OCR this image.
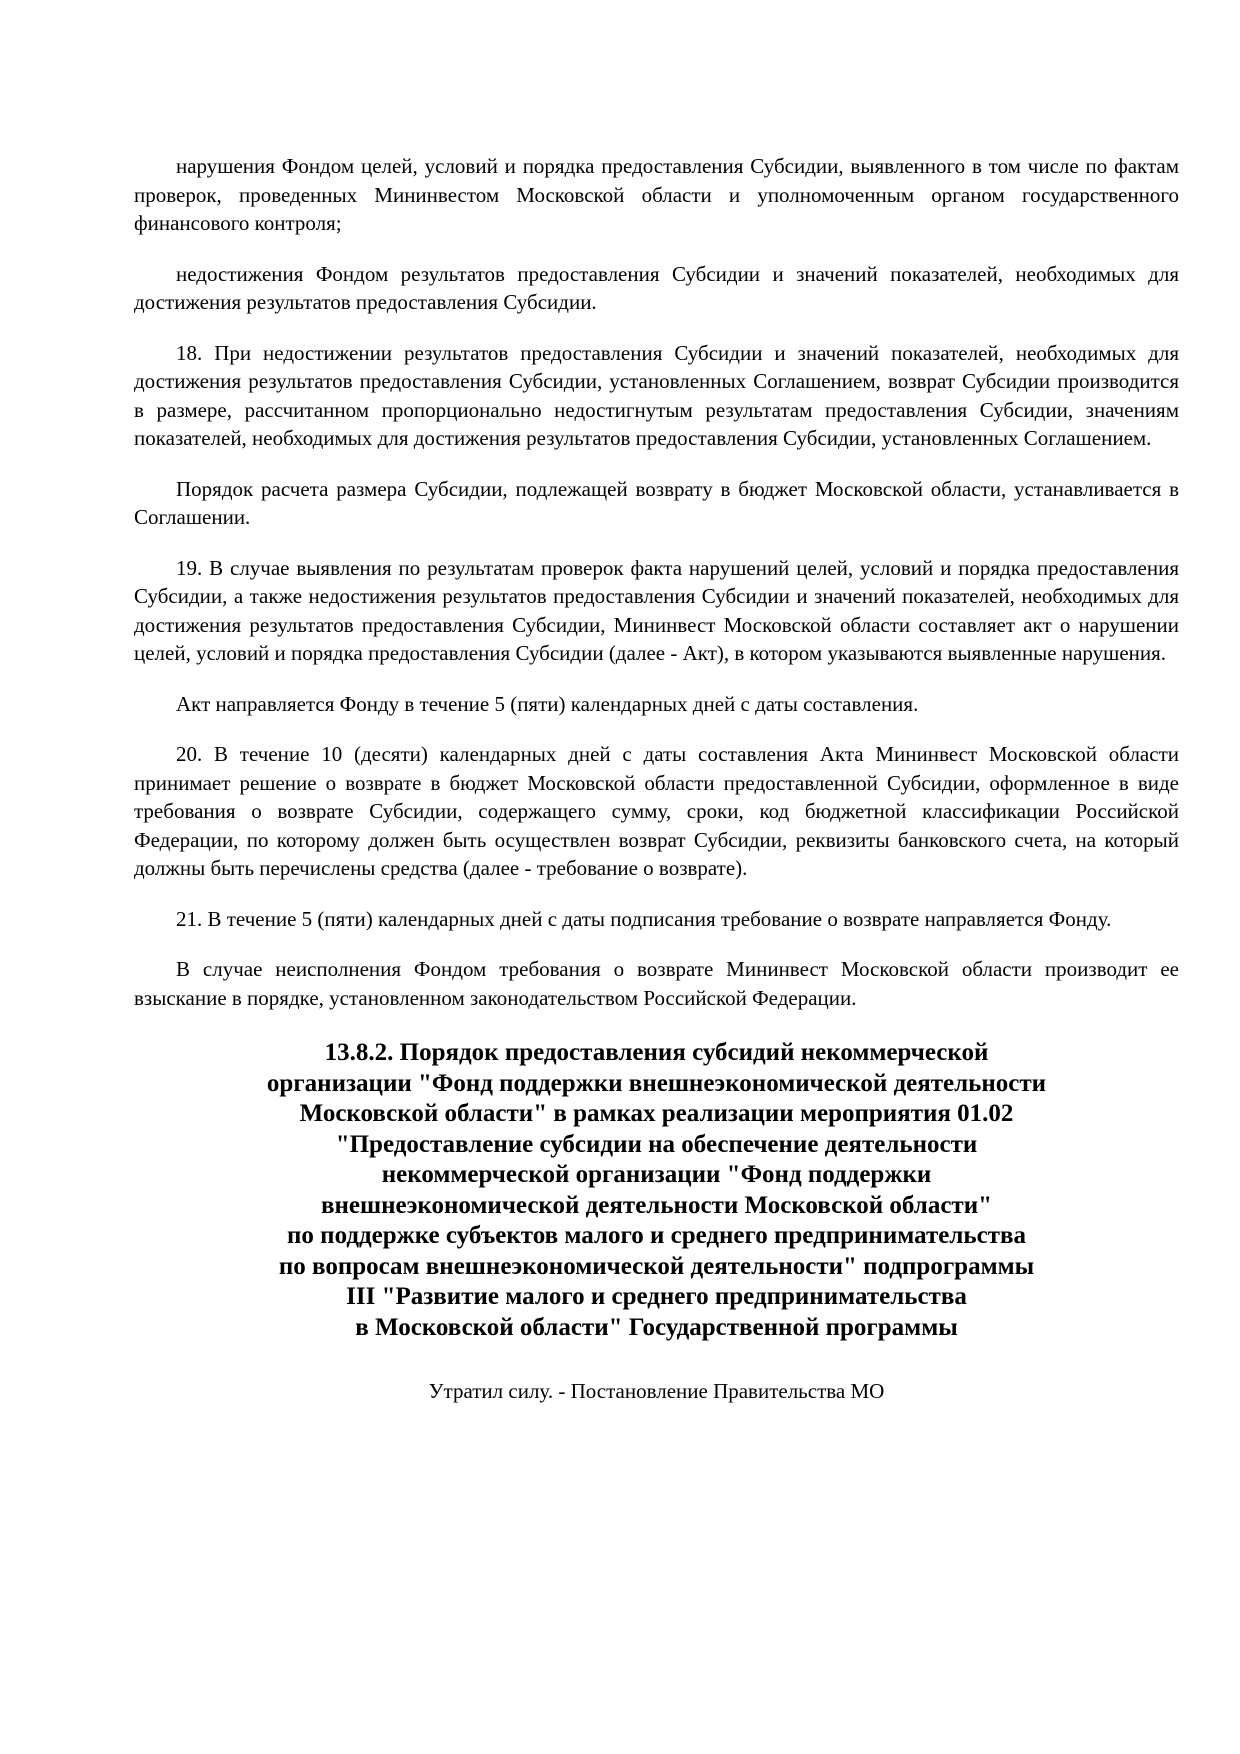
нарушения Фондом целей, условий и порядка предоставления Субсидии, выявленного в том числе по фактам проверок, проведенных Мининвестом Московской области и уполномоченным органом государственного финансового контроля;

недостижения Фондом результатов предоставления Субсидии и значений показателей, необходимых для достижения результатов предоставления Субсидии.

18. При недостижении результатов предоставления Субсидии и значений показателей, необходимых для достижения результатов предоставления Субсидии, установленных Соглашением, возврат Субсидии производится в размере, рассчитанном пропорционально недостигнутым результатам предоставления Субсидии, значениям показателей, необходимых для достижения результатов предоставления Субсидии, установленных Соглашением.

Порядок расчета размера Субсидии, подлежащей возврату в бюджет Московской области, устанавливается в Соглашении.

19. В случае выявления по результатам проверок факта нарушений целей, условий и порядка предоставления Субсидии, а также недостижения результатов предоставления Субсидии и значений показателей, необходимых для достижения результатов предоставления Субсидии, Мининвест Московской области составляет акт о нарушении целей, условий и порядка предоставления Субсидии (далее - Акт), в котором указываются выявленные нарушения.

Акт направляется Фонду в течение 5 (пяти) календарных дней с даты составления.

20. В течение 10 (десяти) календарных дней с даты составления Акта Мининвест Московской области принимает решение о возврате в бюджет Московской области предоставленной Субсидии, оформленное в виде требования о возврате Субсидии, содержащего сумму, сроки, код бюджетной классификации Российской Федерации, по которому должен быть осуществлен возврат Субсидии, реквизиты банковского счета, на который должны быть перечислены средства (далее - требование о возврате).

21. В течение 5 (пяти) календарных дней с даты подписания требование о возврате направляется Фонду.

В случае неисполнения Фондом требования о возврате Мининвест Московской области производит ее взыскание в порядке, установленном законодательством Российской Федерации.

13.8.2. Порядок предоставления субсидий некоммерческой
организации "Фонд поддержки внешнеэкономической деятельности
Московской области" в рамках реализации мероприятия 01.02
"Предоставление субсидии на обеспечение деятельности
некоммерческой организации "Фонд поддержки
внешнеэкономической деятельности Московской области"
по поддержке субъектов малого и среднего предпринимательства
по вопросам внешнеэкономической деятельности" подпрограммы
III "Развитие малого и среднего предпринимательства
в Московской области" Государственной программы
Утратил силу. - Постановление Правительства МО
